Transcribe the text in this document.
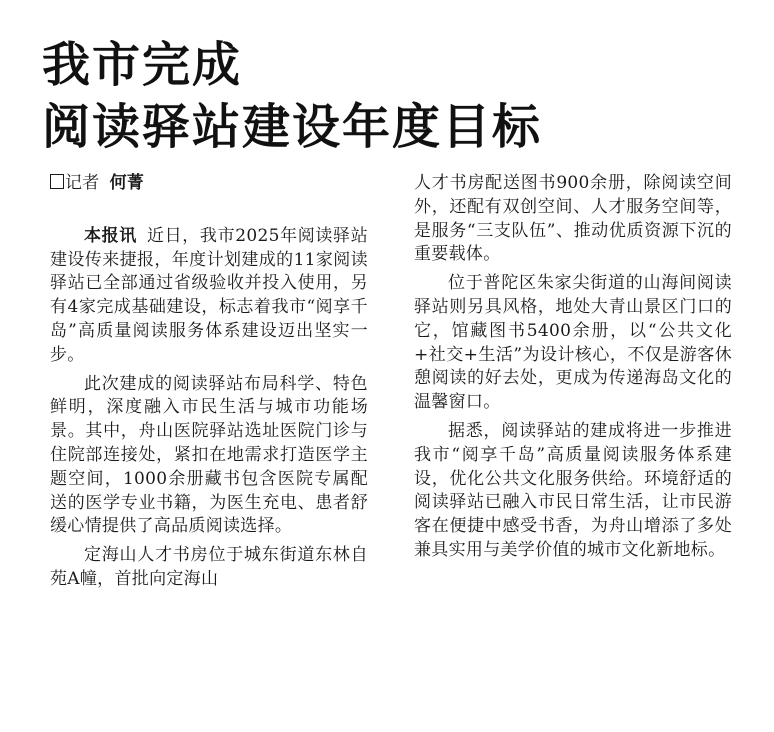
我市完成
阅读驿站建设年度目标

记者 何菁

本报讯 近日，我市2025年阅读驿站建设传来捷报，年度计划建成的11家阅读驿站已全部通过省级验收并投入使用，另有4家完成基础建设，标志着我市“阅享千岛”高质量阅读服务体系建设迈出坚实一步。

此次建成的阅读驿站布局科学、特色鲜明，深度融入市民生活与城市功能场景。其中，舟山医院驿站选址医院门诊与住院部连接处，紧扣在地需求打造医学主题空间，1000余册藏书包含医院专属配送的医学专业书籍，为医生充电、患者舒缓心情提供了高品质阅读选择。

定海山人才书房位于城东街道东林自苑A幢，首批向定海山

人才书房配送图书900余册，除阅读空间外，还配有双创空间、人才服务空间等，是服务“三支队伍”、推动优质资源下沉的重要载体。

位于普陀区朱家尖街道的山海间阅读驿站则另具风格，地处大青山景区门口的它，馆藏图书5400余册，以“公共文化+社交+生活”为设计核心，不仅是游客休憩阅读的好去处，更成为传递海岛文化的温馨窗口。

据悉，阅读驿站的建成将进一步推进我市“阅享千岛”高质量阅读服务体系建设，优化公共文化服务供给。环境舒适的阅读驿站已融入市民日常生活，让市民游客在便捷中感受书香，为舟山增添了多处兼具实用与美学价值的城市文化新地标。
